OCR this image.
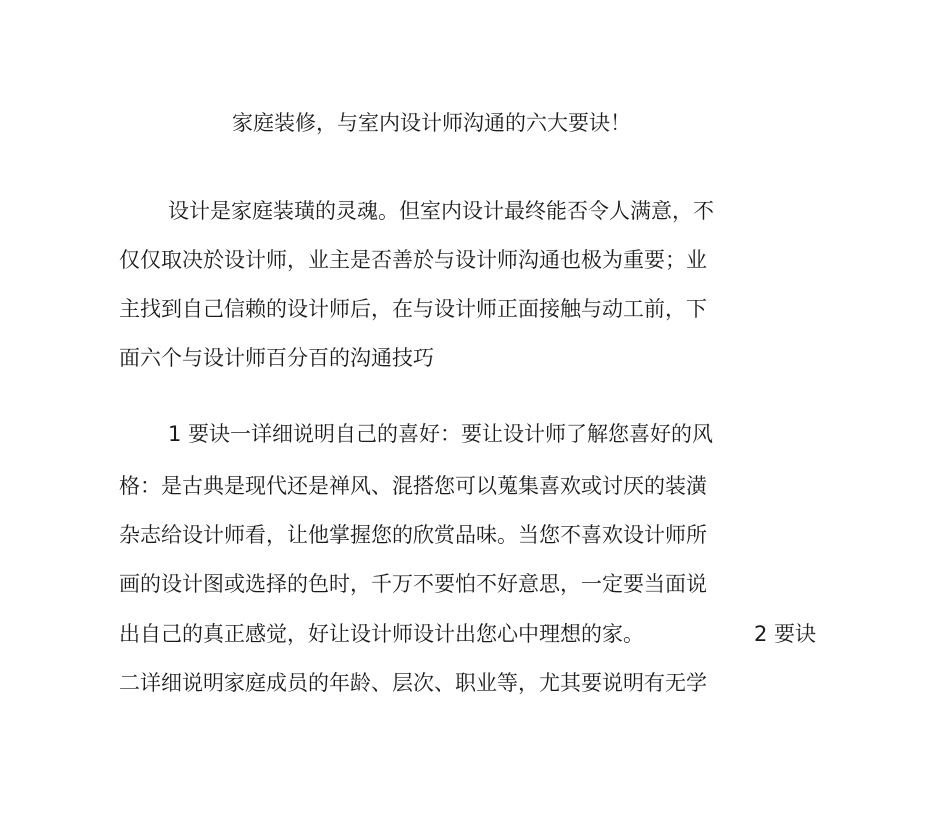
家庭装修，与室内设计师沟通的六大要诀！
设计是家庭装璜的灵魂。但室内设计最终能否令人满意，不
仅仅取决於设计师，业主是否善於与设计师沟通也极为重要；业
主找到自己信赖的设计师后，在与设计师正面接触与动工前，下
面六个与设计师百分百的沟通技巧
1 要诀一详细说明自己的喜好：要让设计师了解您喜好的风
格：是古典是现代还是禅风、混搭您可以蒐集喜欢或讨厌的装潢
杂志给设计师看，让他掌握您的欣赏品味。当您不喜欢设计师所
画的设计图或选择的色时，千万不要怕不好意思，一定要当面说
出自己的真正感觉，好让设计师设计出您心中理想的家。	2 要诀
二详细说明家庭成员的年龄、层次、职业等，尤其要说明有无学
